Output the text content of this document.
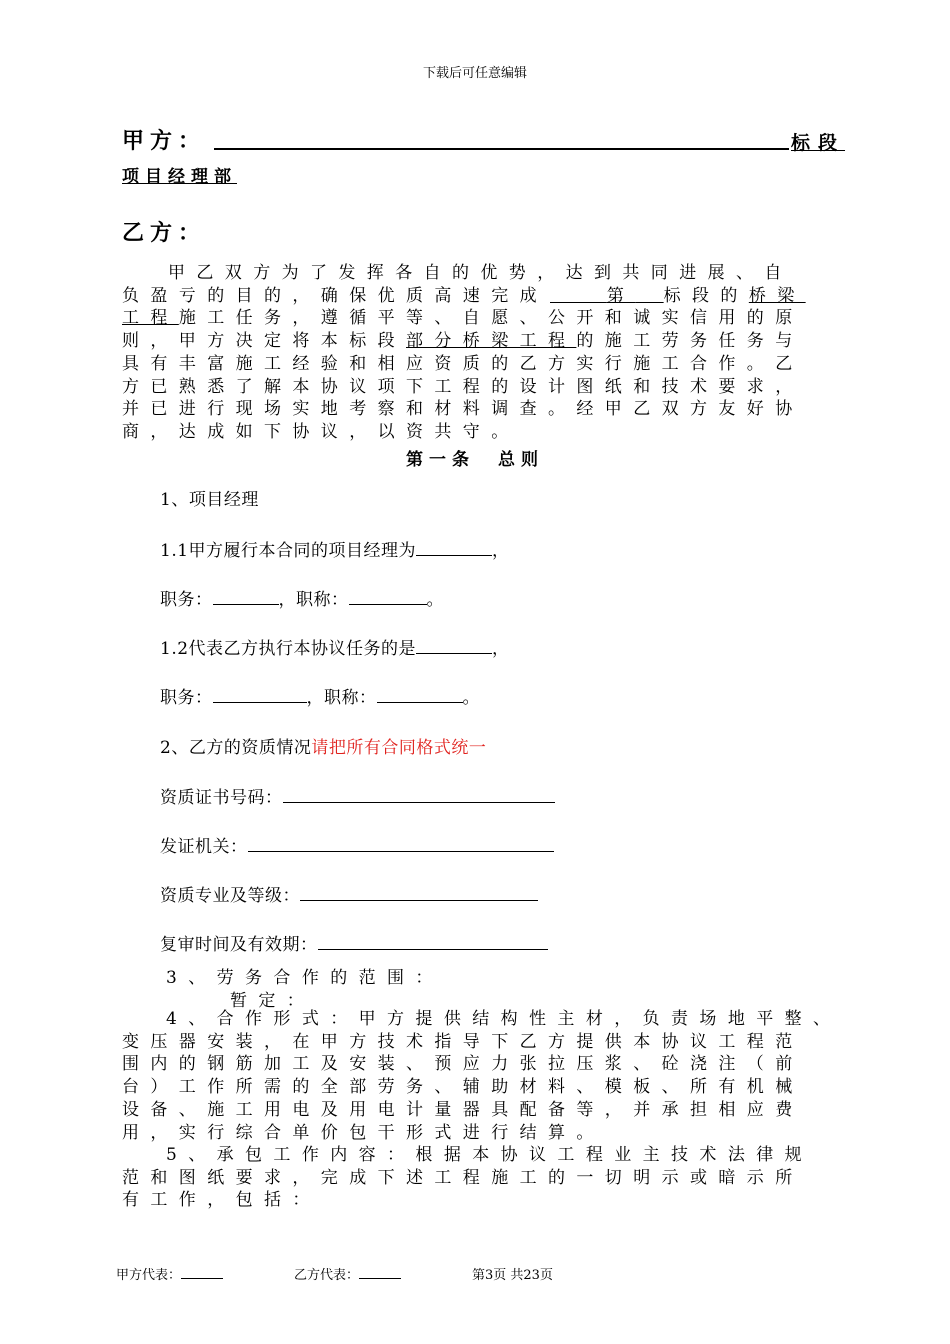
下载后可任意编辑
甲方：	标段
项目经理部
乙方：
甲乙双方为了发挥各自的优势，达到共同进展、自
负盈亏的目的，确保优质高速完成　　	第　 标段的桥梁
工程施工任务，遵循平等、自愿、公开和诚实信用的原
则，甲方决定将本标段部分桥梁工程的施工劳务任务与
具有丰富施工经验和相应资质的乙方实行施工合作。乙
方已熟悉了解本协议项下工程的设计图纸和技术要求，
并已进行现场实地考察和材料调查。经甲乙双方友好协
商，达成如下协议，以资共守。
第一条　总则
1、项目经理
1.1甲方履行本合同的项目经理为	，
职务：	，职称：	。
1.2代表乙方执行本协议任务的是	，
职务：	，职称：	。
2、乙方的资质情况请把所有合同格式统一
资质证书号码：
发证机关：
资质专业及等级：
复审时间及有效期：
3、劳务合作的范围：
暂定：
4、合作形式：甲方提供结构性主材，负责场地平整、
变压器安装，在甲方技术指导下乙方提供本协议工程范
围内的钢筋加工及安装、预应力张拉压浆、砼浇注（前
台）工作所需的全部劳务、辅助材料、模板、所有机械
设备、施工用电及用电计量器具配备等，并承担相应费
用，实行综合单价包干形式进行结算。
5、承包工作内容：根据本协议工程业主技术法律规
范和图纸要求，完成下述工程施工的一切明示或暗示所
有工作，包括：
甲方代表：	乙方代表：	第3页 共23页
